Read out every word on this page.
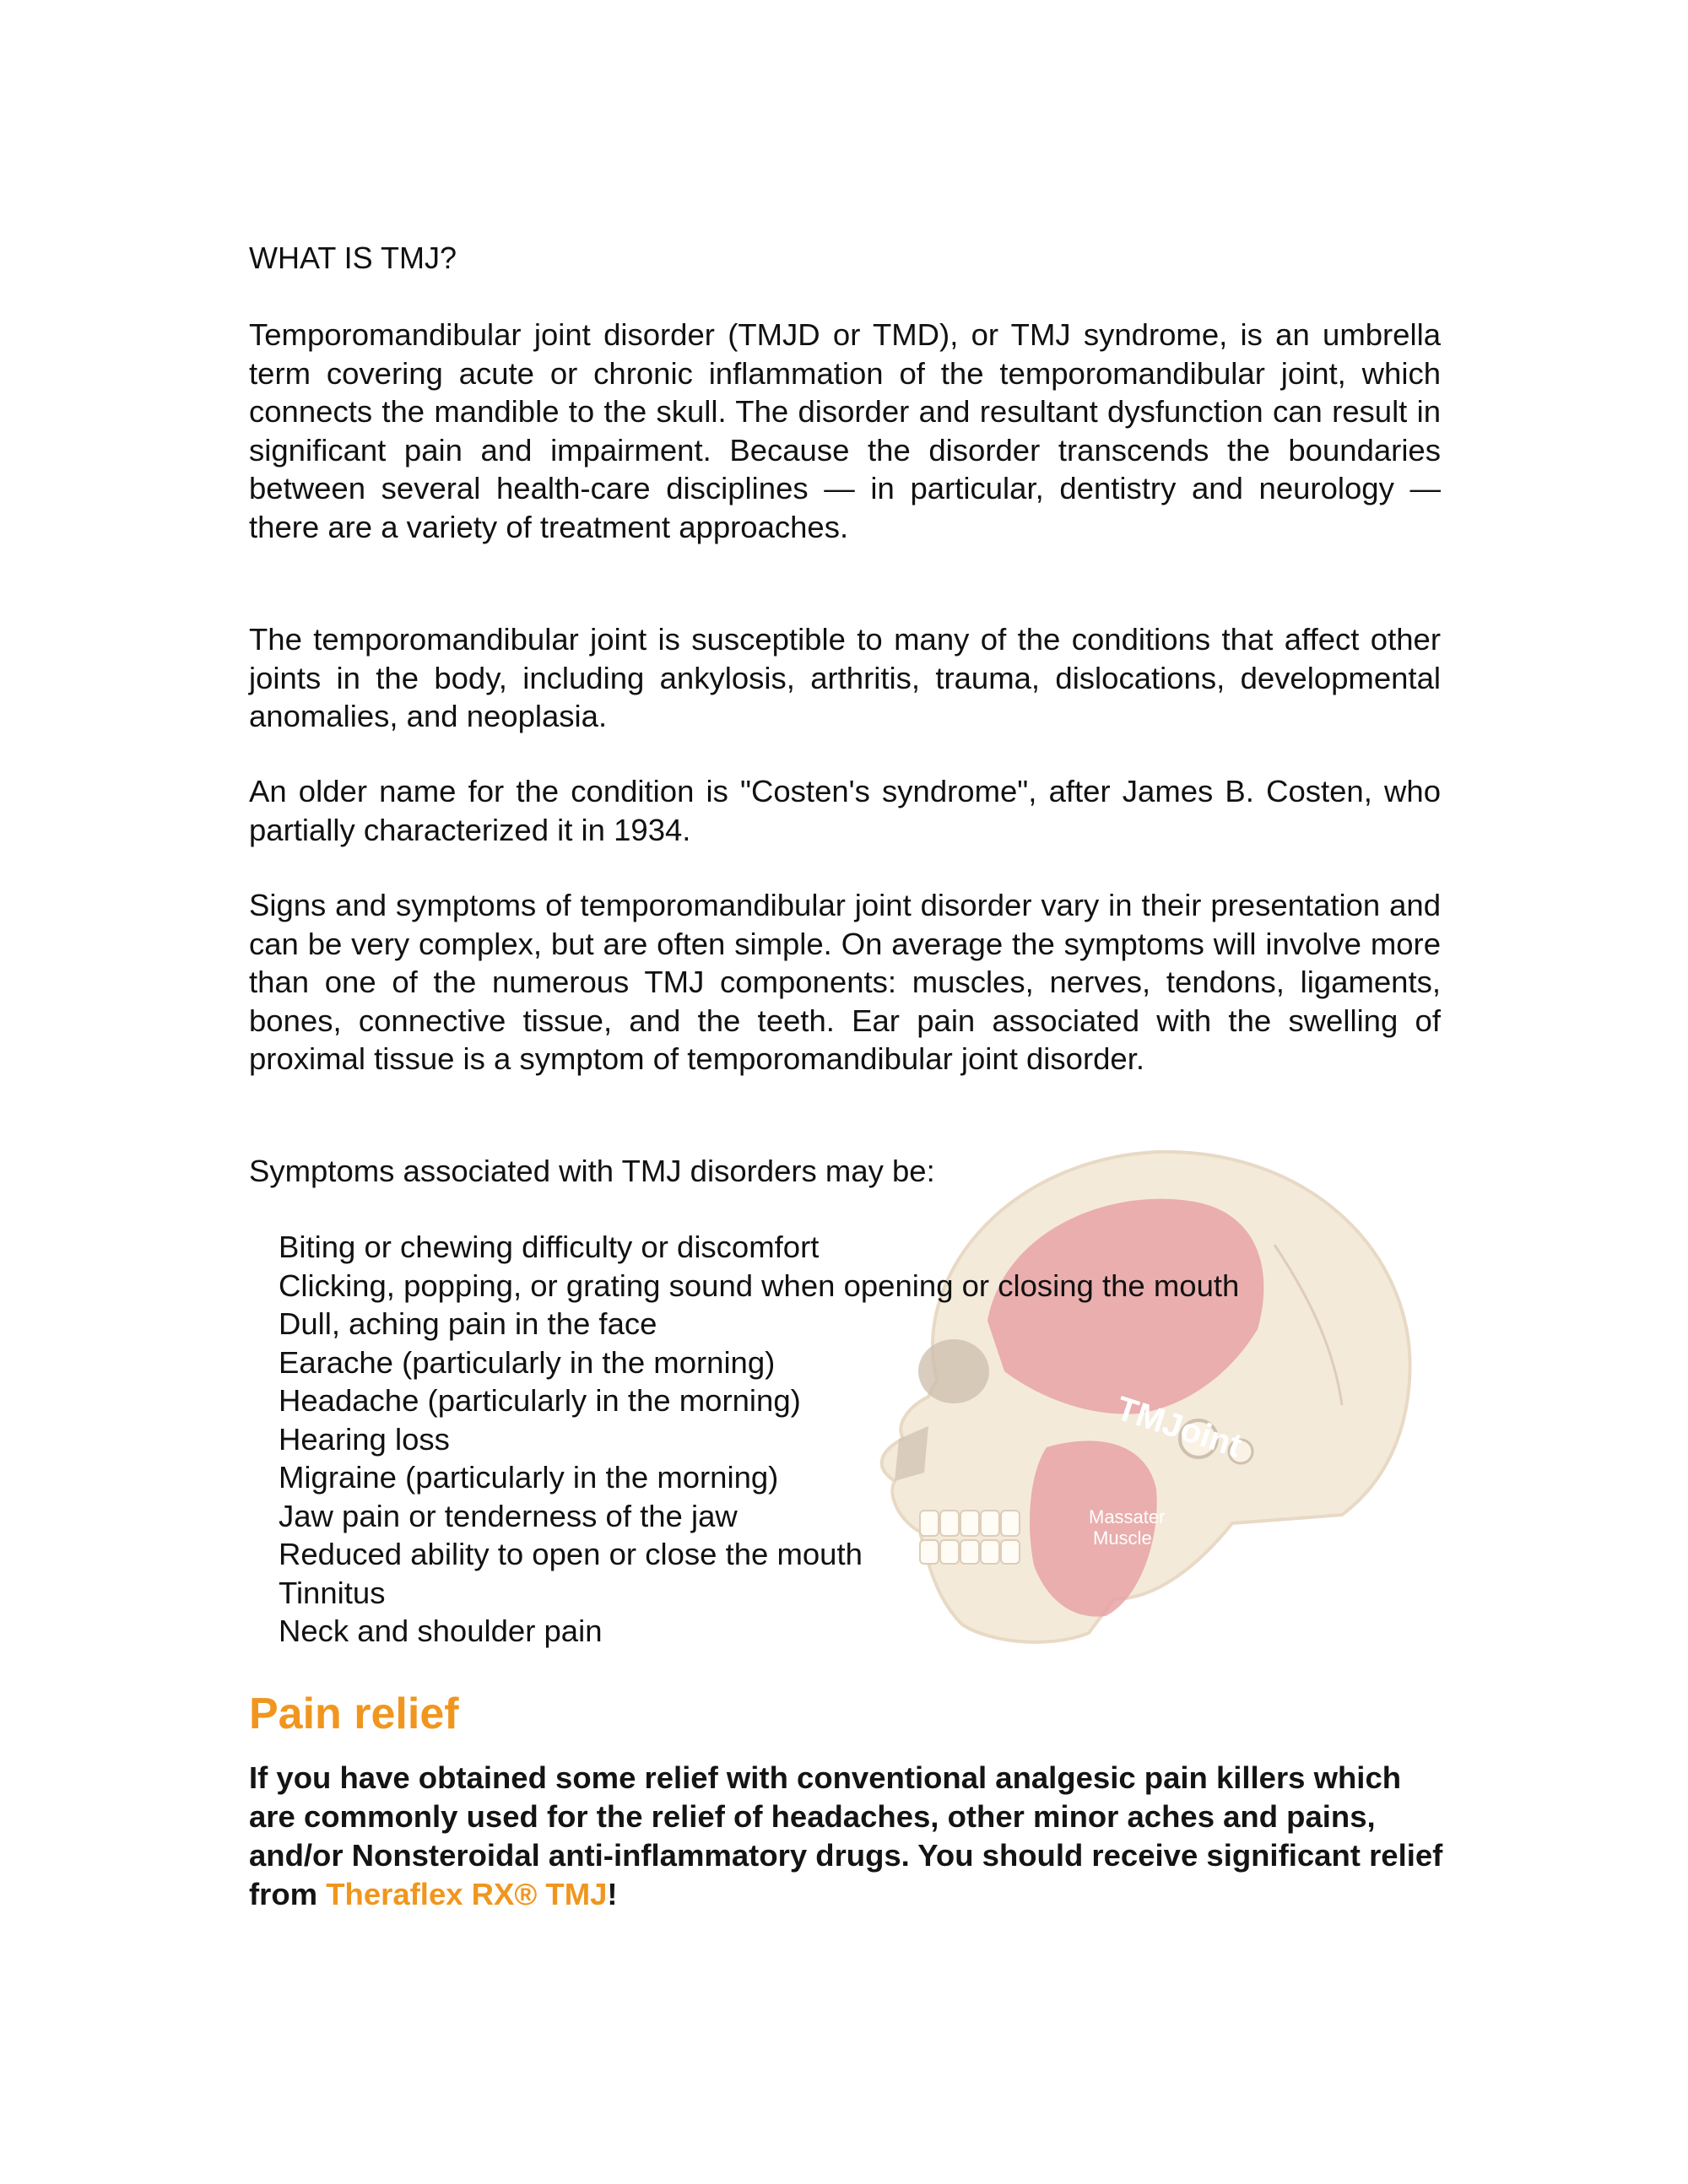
WHAT IS TMJ?

Temporomandibular joint disorder (TMJD or TMD), or TMJ syndrome, is an umbrella term covering acute or chronic inflammation of the temporomandibular joint, which connects the mandible to the skull. The disorder and resultant dysfunction can result in significant pain and impairment. Because the disorder transcends the boundaries between several health-care disciplines — in particular, dentistry and neurology — there are a variety of treatment approaches.

The temporomandibular joint is susceptible to many of the conditions that affect other joints in the body, including ankylosis, arthritis, trauma, dislocations, developmental anomalies, and neoplasia.

An older name for the condition is "Costen's syndrome", after James B. Costen, who partially characterized it in 1934.

Signs and symptoms of temporomandibular joint disorder vary in their presentation and can be very complex, but are often simple. On average the symptoms will involve more than one of the numerous TMJ components: muscles, nerves, tendons, ligaments, bones, connective tissue, and the teeth. Ear pain associated with the swelling of proximal tissue is a symptom of temporomandibular joint disorder.

TMJoint
Massater
Muscle

Symptoms associated with TMJ disorders may be:

Biting or chewing difficulty or discomfort
Clicking, popping, or grating sound when opening or closing the mouth
Dull, aching pain in the face
Earache (particularly in the morning)
Headache (particularly in the morning)
Hearing loss
Migraine (particularly in the morning)
Jaw pain or tenderness of the jaw
Reduced ability to open or close the mouth
Tinnitus
Neck and shoulder pain
Pain relief

If you have obtained some relief with conventional analgesic pain killers which are commonly used for the relief of headaches, other minor aches and pains, and/or Nonsteroidal anti-inflammatory drugs. You should receive significant relief from Theraflex RX® TMJ!
